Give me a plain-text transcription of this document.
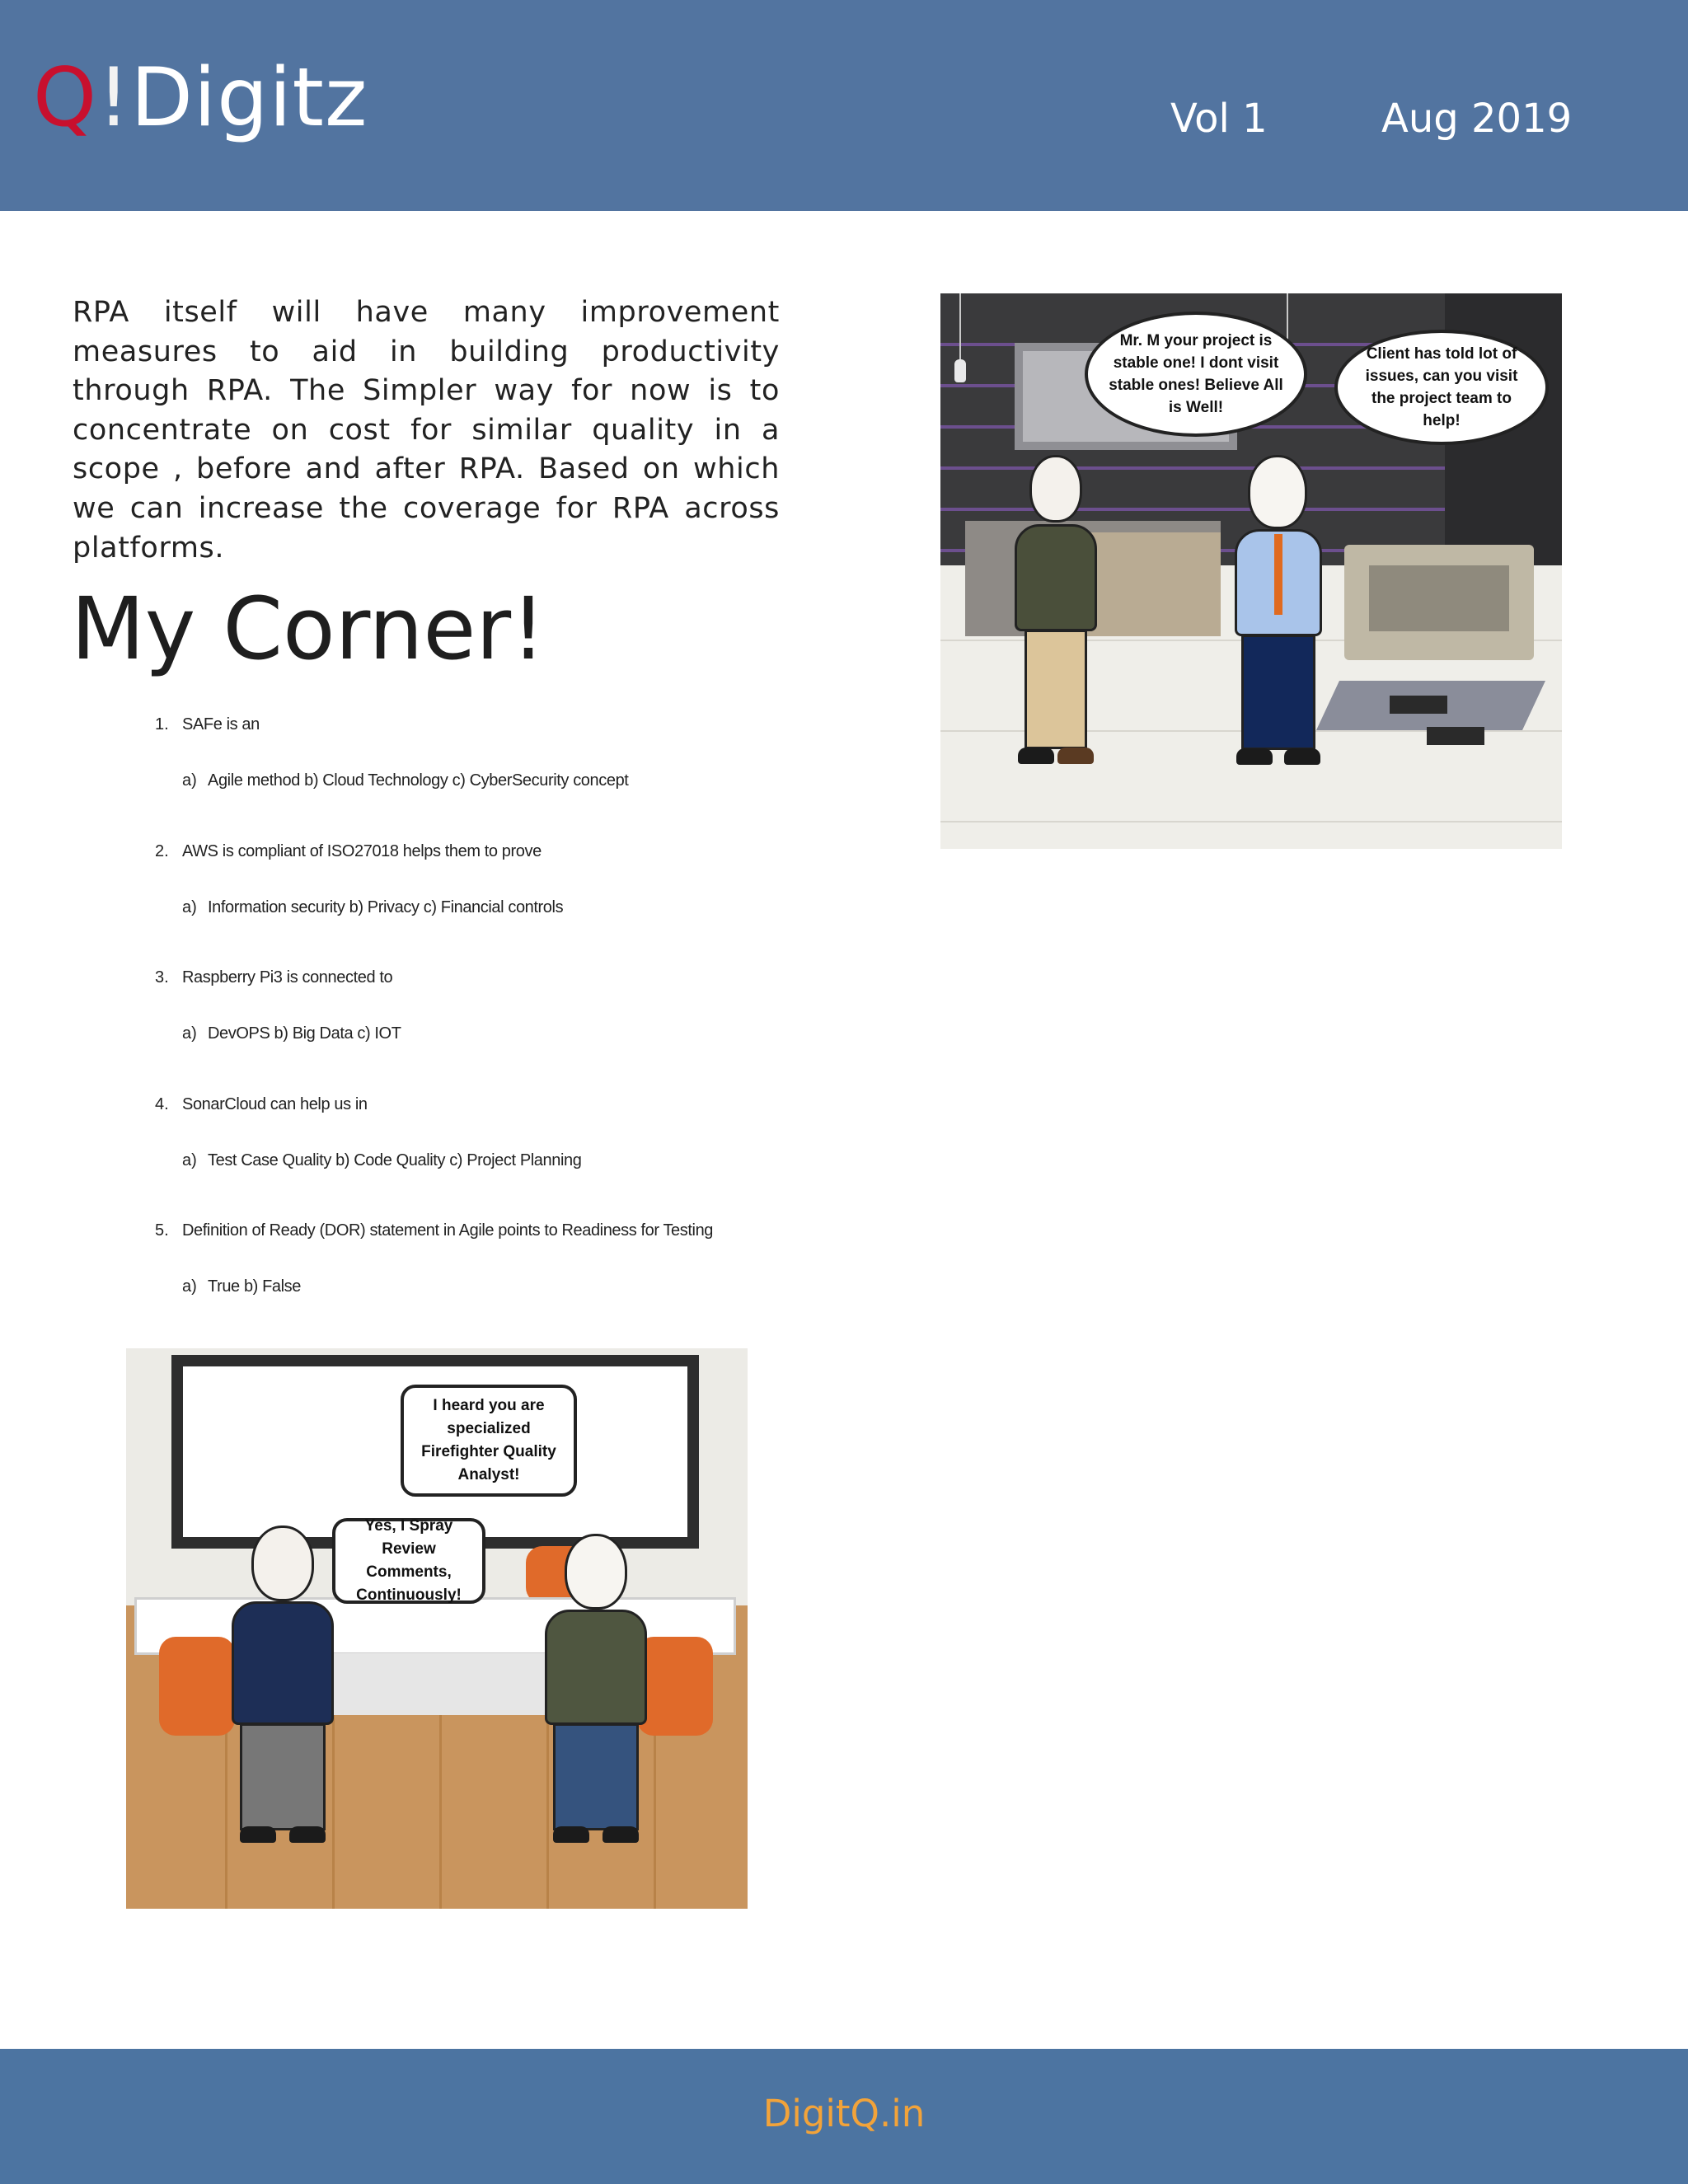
Q!Digitz	Vol 1	Aug 2019

RPA itself will have many improvement measures to aid in building productivity through RPA. The Simpler way for now is to concentrate on cost for similar quality in a scope , before and after RPA. Based on which we can increase the coverage for RPA across platforms.

My Corner!
1. SAFe is an
a) Agile method b) Cloud Technology c) CyberSecurity concept
2. AWS is compliant of ISO27018 helps them to prove
a) Information security b) Privacy c) Financial controls
3. Raspberry Pi3 is connected to
a) DevOPS b) Big Data c) IOT
4. SonarCloud can help us in
a) Test Case Quality b) Code Quality c) Project Planning
5. Definition of Ready (DOR) statement in Agile points to Readiness for Testing
a) True b) False
Mr. M your project is stable one! I dont visit stable ones! Believe All is Well!
Client has told lot of issues, can you visit the project team to help!
I heard you are specialized Firefighter Quality Analyst!
Yes, I Spray Review Comments, Continuously!
DigitQ.in
